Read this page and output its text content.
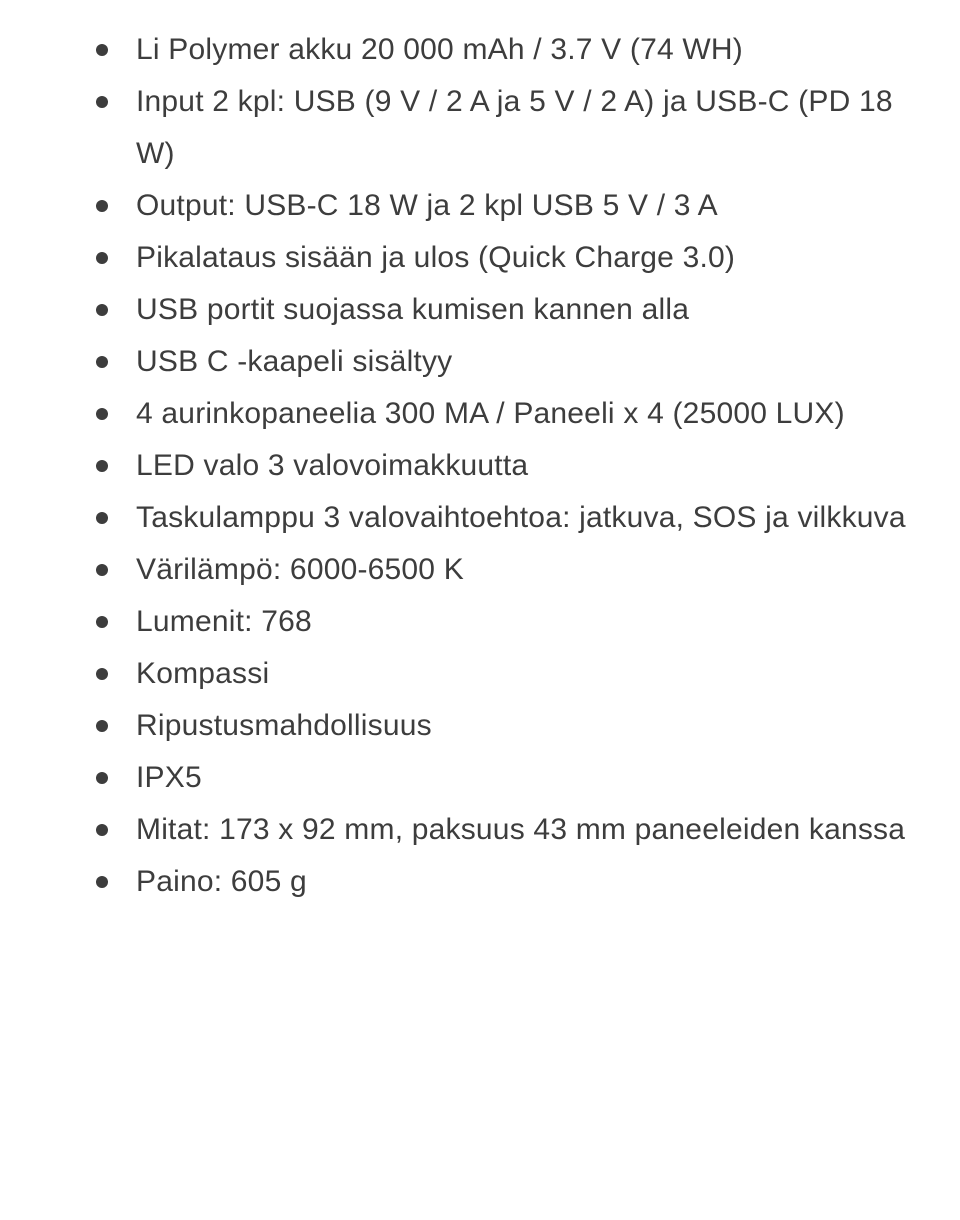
Li Polymer akku 20 000 mAh / 3.7 V (74 WH)
Input 2 kpl: USB (9 V / 2 A ja 5 V / 2 A) ja USB-C (PD 18 W)
Output: USB-C 18 W ja 2 kpl USB 5 V / 3 A
Pikalataus sisään ja ulos (Quick Charge 3.0)
USB portit suojassa kumisen kannen alla
USB C -kaapeli sisältyy
4 aurinkopaneelia 300 MA / Paneeli x 4 (25000 LUX)
LED valo 3 valovoimakkuutta
Taskulamppu 3 valovaihtoehtoa: jatkuva, SOS ja vilkkuva
Värilämpö: 6000-6500 K
Lumenit: 768
Kompassi
Ripustusmahdollisuus
IPX5
Mitat: 173 x 92 mm, paksuus 43 mm paneeleiden kanssa
Paino: 605 g
